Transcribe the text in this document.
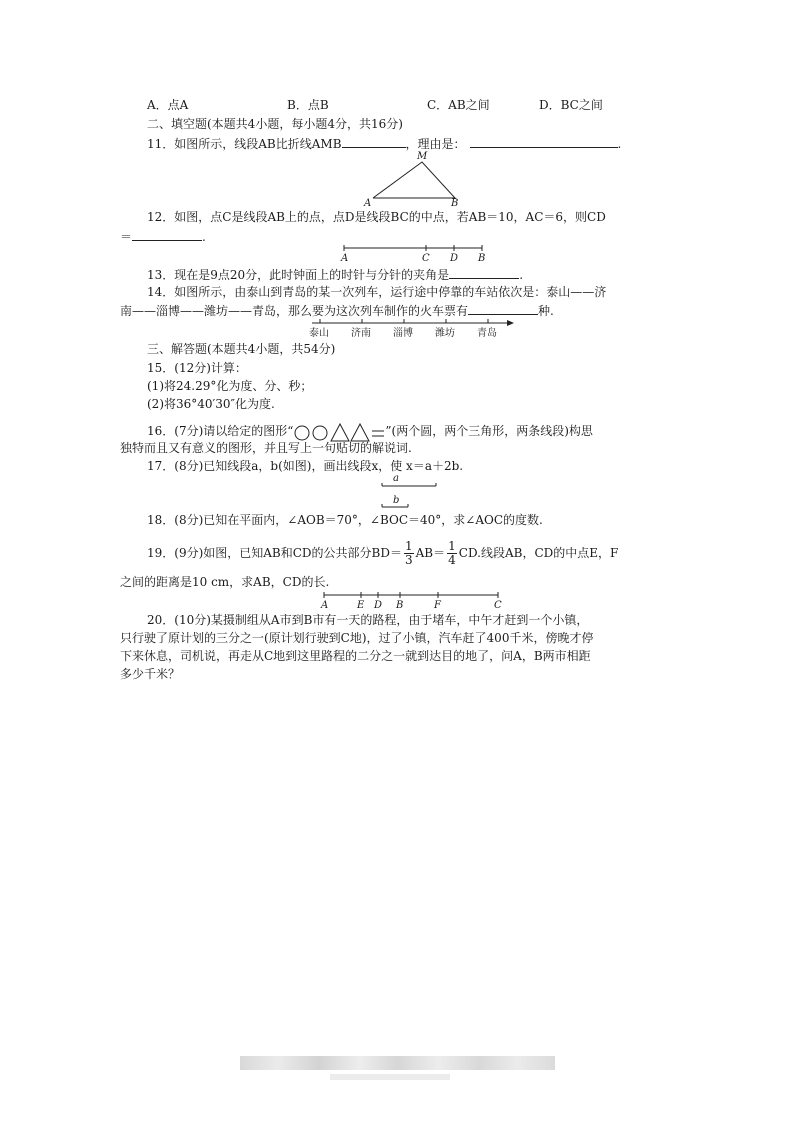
A．点A	B．点B	C．AB之间	D．BC之间
二、填空题(本题共4小题，每小题4分，共16分)
11．如图所示，线段AB比折线AMB	，理由是：	.
M
A	B
12．如图，点C是线段AB上的点，点D是线段BC的中点，若AB＝10，AC＝6，则CD
＝	.
A	C D B
13．现在是9点20分，此时钟面上的时针与分针的夹角是	.
14．如图所示，由泰山到青岛的某一次列车，运行途中停靠的车站依次是：泰山——济
南——淄博——潍坊——青岛，那么要为这次列车制作的火车票有	种.
泰山 济南 淄博 潍坊 青岛
三、解答题(本题共4小题，共54分)
15．(12分)计算：
(1)将24.29°化为度、分、秒；
(2)将36°40′30″化为度.
16．(7分)请以给定的图形“	”(两个圆，两个三角形，两条线段)构思
独特而且又有意义的图形，并且写上一句贴切的解说词.
17．(8分)已知线段a，b(如图)，画出线段x，使 x＝a＋2b.
a
b
18．(8分)已知在平面内，∠AOB＝70°，∠BOC＝40°，求∠AOC的度数.
19．(9分)如图，已知AB和CD的公共部分$BD= \frac{1}{3} AB= \frac{1}{4}$ CD.线段AB，CD的中点E，F
之间的距离是10 cm，求AB，CD的长.
A	E D B	F	C
20．(10分)某摄制组从A市到B市有一天的路程，由于堵车，中午才赶到一个小镇，
只行驶了原计划的三分之一(原计划行驶到C地)，过了小镇，汽车赶了400千米，傍晚才停
下来休息，司机说，再走从C地到这里路程的二分之一就到达目的地了，问A，B两市相距
多少千米？
